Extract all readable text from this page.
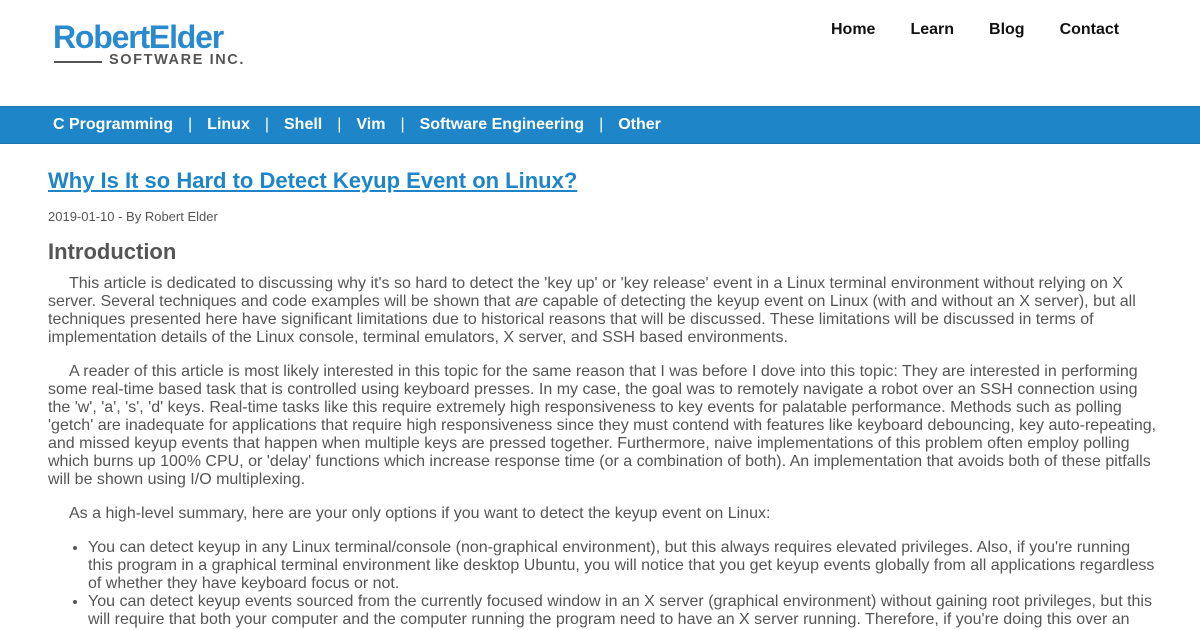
RobertElder
SOFTWARE INC.
Home Learn Blog Contact
C Programming | Linux | Shell | Vim | Software Engineering | Other
Why Is It so Hard to Detect Keyup Event on Linux?
2019-01-10 - By Robert Elder
Introduction

This article is dedicated to discussing why it's so hard to detect the 'key up' or 'key release' event in a Linux terminal environment without relying on X server. Several techniques and code examples will be shown that are capable of detecting the keyup event on Linux (with and without an X server), but all techniques presented here have significant limitations due to historical reasons that will be discussed. These limitations will be discussed in terms of implementation details of the Linux console, terminal emulators, X server, and SSH based environments.

A reader of this article is most likely interested in this topic for the same reason that I was before I dove into this topic: They are interested in performing some real-time based task that is controlled using keyboard presses. In my case, the goal was to remotely navigate a robot over an SSH connection using the 'w', 'a', 's', 'd' keys. Real-time tasks like this require extremely high responsiveness to key events for palatable performance. Methods such as polling 'getch' are inadequate for applications that require high responsiveness since they must contend with features like keyboard debouncing, key auto-repeating, and missed keyup events that happen when multiple keys are pressed together. Furthermore, naive implementations of this problem often employ polling which burns up 100% CPU, or 'delay' functions which increase response time (or a combination of both). An implementation that avoids both of these pitfalls will be shown using I/O multiplexing.

As a high-level summary, here are your only options if you want to detect the keyup event on Linux:

• You can detect keyup in any Linux terminal/console (non-graphical environment), but this always requires elevated privileges. Also, if you're running this program in a graphical terminal environment like desktop Ubuntu, you will notice that you get keyup events globally from all applications regardless of whether they have keyboard focus or not.
• You can detect keyup events sourced from the currently focused window in an X server (graphical environment) without gaining root privileges, but this will require that both your computer and the computer running the program need to have an X server running. Therefore, if you're doing this over an
